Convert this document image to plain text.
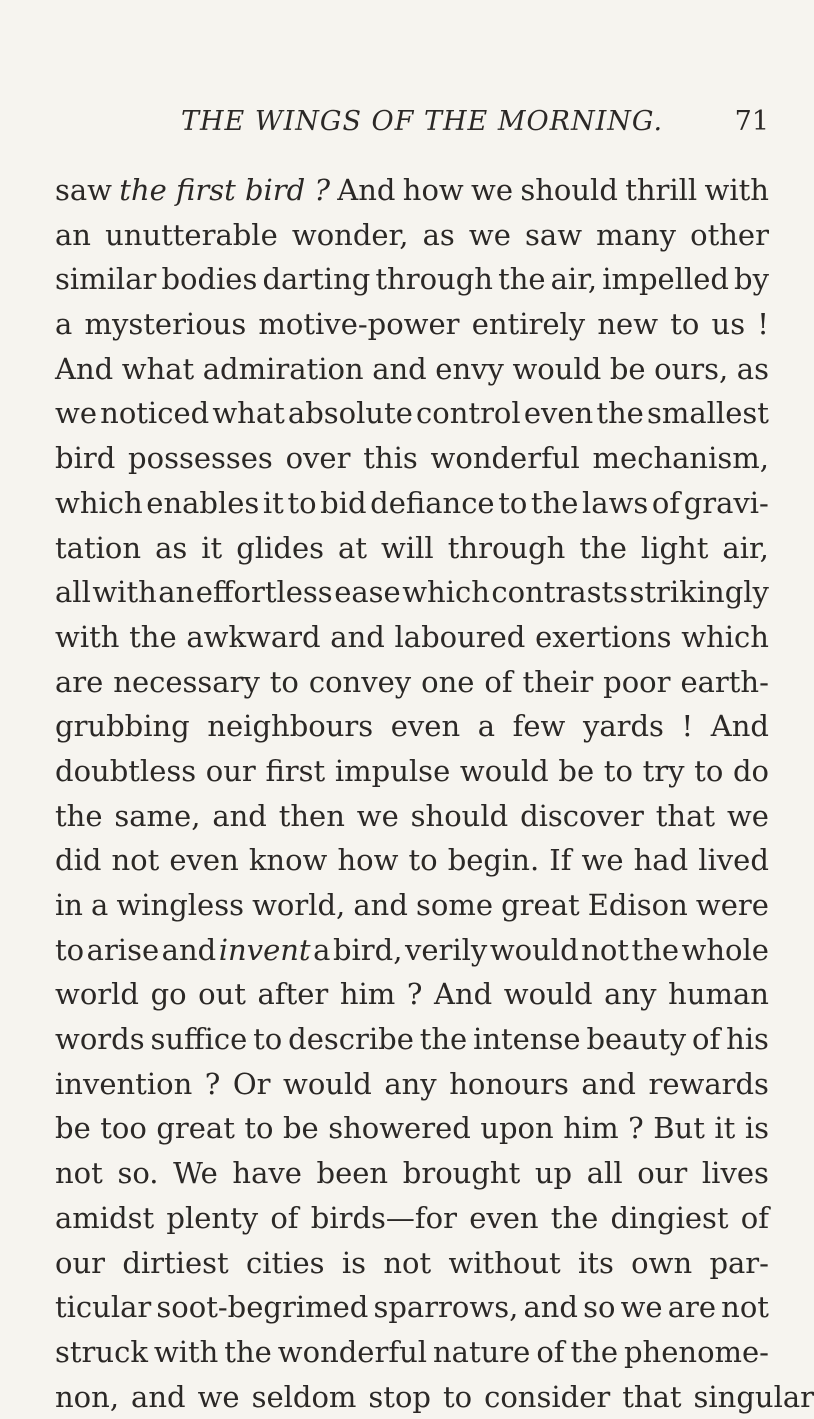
THE WINGS OF THE MORNING.	71
saw the first bird ? And how we should thrill with
an unutterable wonder, as we saw many other
similar bodies darting through the air, impelled by
a mysterious motive-power entirely new to us !
And what admiration and envy would be ours, as
we noticed what absolute control even the smallest
bird possesses over this wonderful mechanism,
which enables it to bid defiance to the laws of gravi-
tation as it glides at will through the light air,
all with an effortless ease which contrasts strikingly
with the awkward and laboured exertions which
are necessary to convey one of their poor earth-
grubbing neighbours even a few yards ! And
doubtless our first impulse would be to try to do
the same, and then we should discover that we
did not even know how to begin. If we had lived
in a wingless world, and some great Edison were
to arise and invent a bird, verily would not the whole
world go out after him ? And would any human
words suffice to describe the intense beauty of his
invention ? Or would any honours and rewards
be too great to be showered upon him ? But it is
not so. We have been brought up all our lives
amidst plenty of birds—for even the dingiest of
our dirtiest cities is not without its own par-
ticular soot-begrimed sparrows, and so we are not
struck with the wonderful nature of the phenome-
non, and we seldom stop to consider that singular
